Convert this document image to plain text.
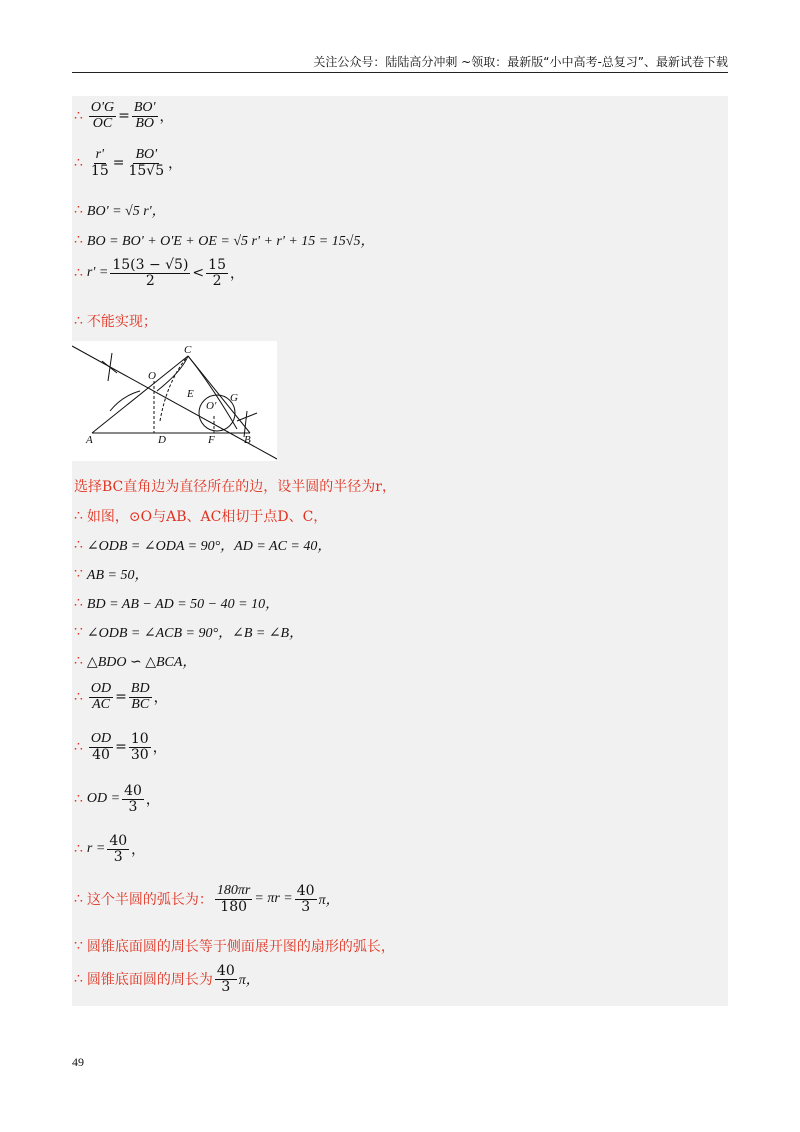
关注公众号：陆陆高分冲刺 ~领取：最新版“小中高考-总复习”、最新试卷下载
∴ $\frac{O'G}{OC} = \frac{BO'}{BO}$ ，
∴ $\frac{r'}{15} = \frac{BO'}{15√5}$ ，
∴ BO' = √5 r'，
∴ BO = BO' + O'E + OE = √5 r' + r' + 15 = 15√5，
∴ $r' = \frac{15(3 - √5)}{2} < \frac{15}{2}$ ，
∴ 不能实现；
A	B
C
D
E
F
G
O
O'
选择BC直角边为直径所在的边，设半圆的半径为r，
∴ 如图，⊙O与AB、AC相切于点D、C，
∴ ∠ODB = ∠ODA = 90°，AD = AC = 40，
∵ AB = 50，
∴ BD = AB − AD = 50 − 40 = 10，
∵ ∠ODB = ∠ACB = 90°，∠B = ∠B，
∴ △BDO ∽ △BCA，
∴ $\frac{OD}{AC} = \frac{BD}{BC}$ ，
∴ $\frac{OD}{40} = \frac{10}{30}$ ，
∴ OD = $\frac{40}{3}$ ，
∴ $r = \frac{40}{3}$ ，
∴ 这个半圆的弧长为： $\frac{180\pi r}{180} = \pi r = \frac{40}{3}$ π，
∵ 圆锥底面圆的周长等于侧面展开图的扇形的弧长，
∴ 圆锥底面圆的周长为 $\frac{40}{3}$ π，
49
